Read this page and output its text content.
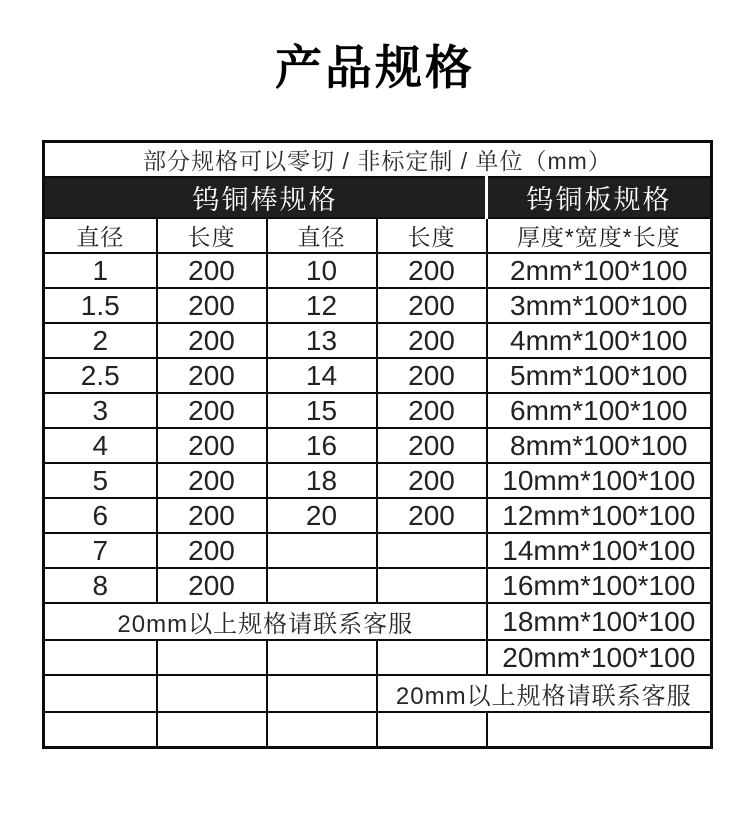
产品规格
部分规格可以零切 / 非标定制 / 单位（mm）				
钨铜棒规格				钨铜板规格
直径	长度	直径	长度	厚度*宽度*长度
1	200	10	200	2mm*100*100
1.5	200	12	200	3mm*100*100
2	200	13	200	4mm*100*100
2.5	200	14	200	5mm*100*100
3	200	15	200	6mm*100*100
4	200	16	200	8mm*100*100
5	200	18	200	10mm*100*100
6	200	20	200	12mm*100*100
7	200			14mm*100*100
8	200			16mm*100*100
20mm以上规格请联系客服				18mm*100*100
				20mm*100*100
			20mm以上规格请联系客服	
